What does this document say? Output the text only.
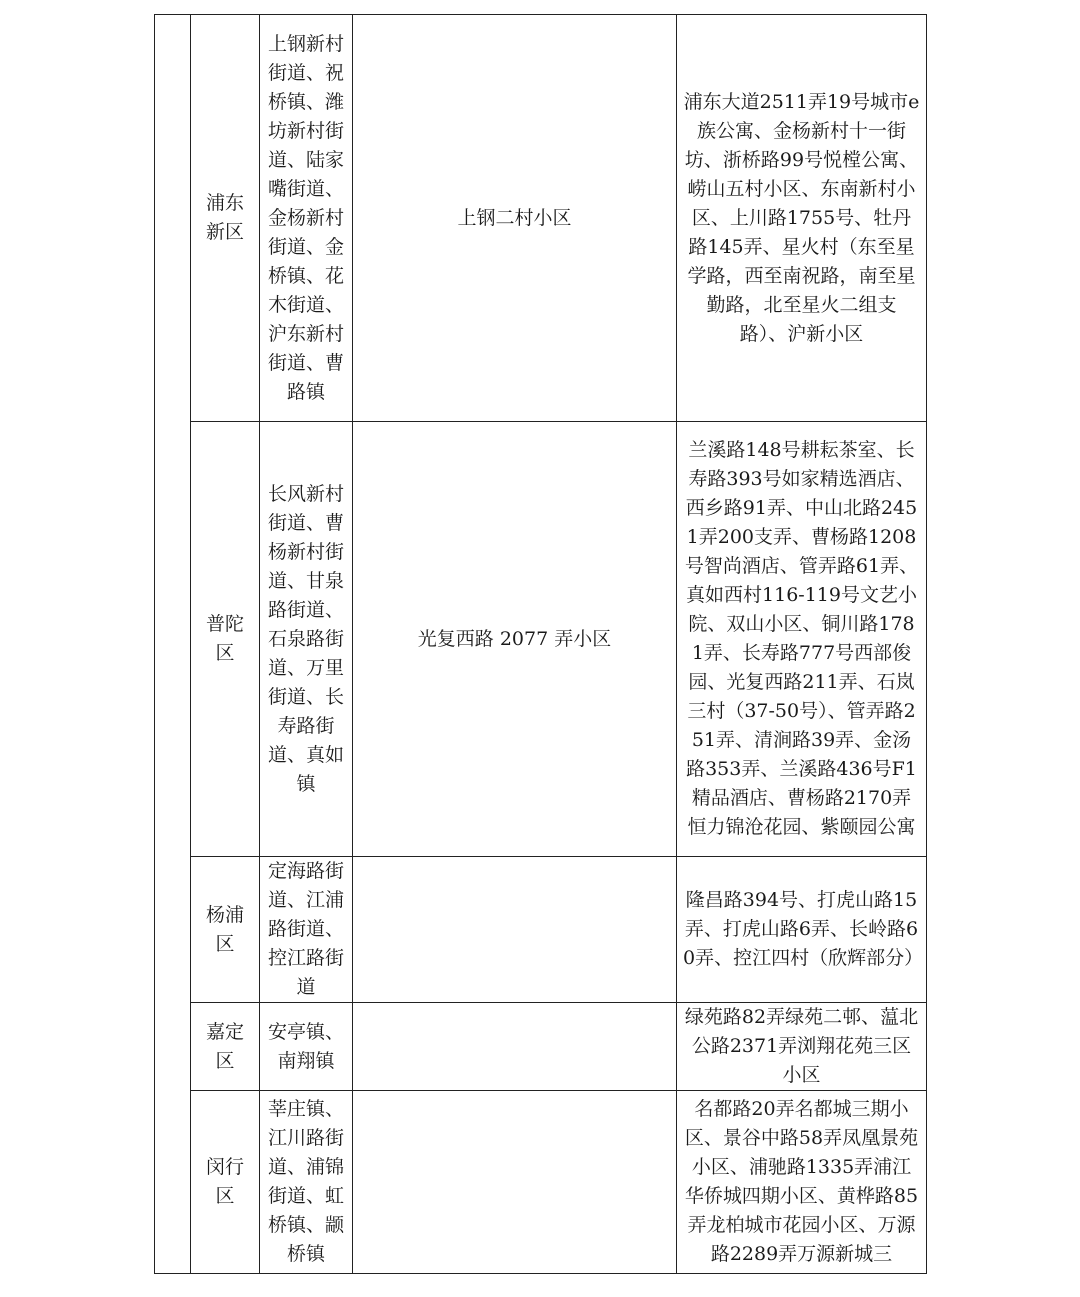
	浦东新区	上钢新村街道、祝桥镇、潍坊新村街道、陆家嘴街道、金杨新村街道、金桥镇、花木街道、沪东新村街道、曹路镇	上钢二村小区	浦东大道2511弄19号城市e族公寓、金杨新村十一街坊、浙桥路99号悦樘公寓、崂山五村小区、东南新村小区、上川路1755号、牡丹路145弄、星火村（东至星学路，西至南祝路，南至星勤路，北至星火二组支路）、沪新小区
	普陀区	长风新村街道、曹杨新村街道、甘泉路街道、石泉路街道、万里街道、长寿路街道、真如镇	光复西路 2077 弄小区	兰溪路148号耕耘茶室、长寿路393号如家精选酒店、西乡路91弄、中山北路2451弄200支弄、曹杨路1208号智尚酒店、管弄路61弄、真如西村116-119号文艺小院、双山小区、铜川路1781弄、长寿路777号西部俊园、光复西路211弄、石岚三村（37-50号）、管弄路251弄、清涧路39弄、金汤路353弄、兰溪路436号F1精品酒店、曹杨路2170弄恒力锦沧花园、紫颐园公寓
	杨浦区	定海路街道、江浦路街道、控江路街道		隆昌路394号、打虎山路15弄、打虎山路6弄、长岭路60弄、控江四村（欣辉部分）
	嘉定区	安亭镇、南翔镇		绿苑路82弄绿苑二邨、蕰北公路2371弄浏翔花苑三区小区
	闵行区	莘庄镇、江川路街道、浦锦街道、虹桥镇、颛桥镇		名都路20弄名都城三期小区、景谷中路58弄凤凰景苑小区、浦驰路1335弄浦江华侨城四期小区、黄桦路85弄龙柏城市花园小区、万源路2289弄万源新城三
